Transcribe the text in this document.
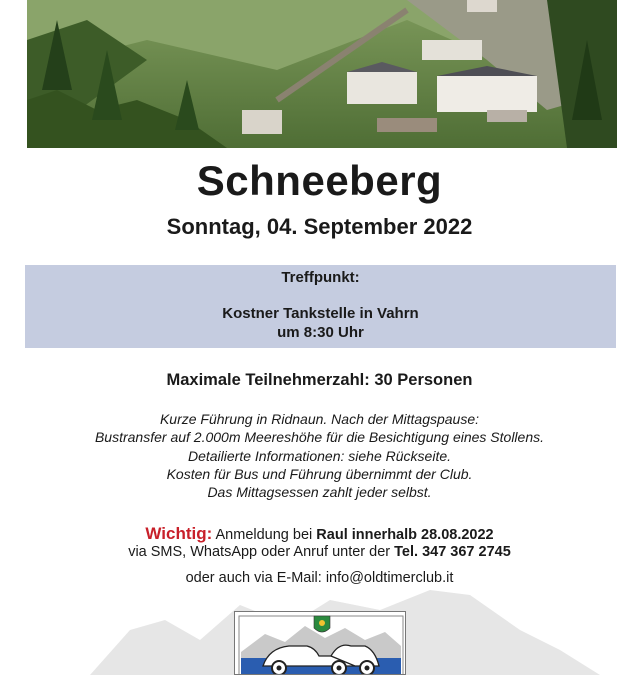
Schneeberg
Sonntag, 04. September 2022
Treffpunkt:
Kostner Tankstelle in Vahrn
um 8:30 Uhr
Maximale Teilnehmerzahl: 30 Personen
Kurze Führung in Ridnaun. Nach der Mittagspause:
Bustransfer auf 2.000m Meereshöhe für die Besichtigung eines Stollens.
Detailierte Informationen: siehe Rückseite.
Kosten für Bus und Führung übernimmt der Club.
Das Mittagsessen zahlt jeder selbst.
Wichtig: Anmeldung bei Raul innerhalb 28.08.2022
via SMS, WhatsApp oder Anruf unter der Tel. 347 367 2745
oder auch via E-Mail: info@oldtimerclub.it
